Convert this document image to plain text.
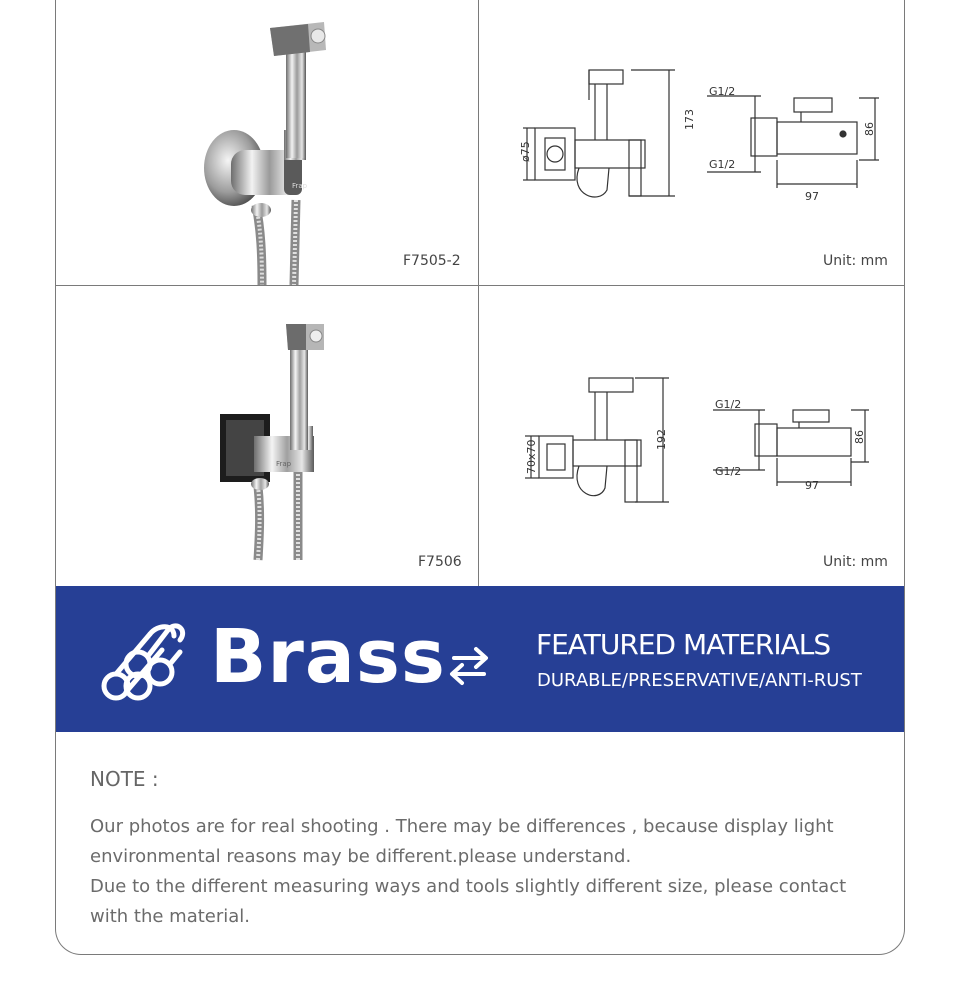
Frap
F7505-2
173
ø75
G1/2
G1/2
86
97
Unit: mm
Frap
F7506
192
70x70
G1/2
G1/2
86
97
Unit: mm
Brass	FEATURED MATERIALS
DURABLE/PRESERVATIVE/ANTI-RUST
NOTE :

Our photos are for real shooting . There may be differences , because display light environmental reasons may be different.please understand.

Due to the different measuring ways and tools slightly different size, please contact with the material.
